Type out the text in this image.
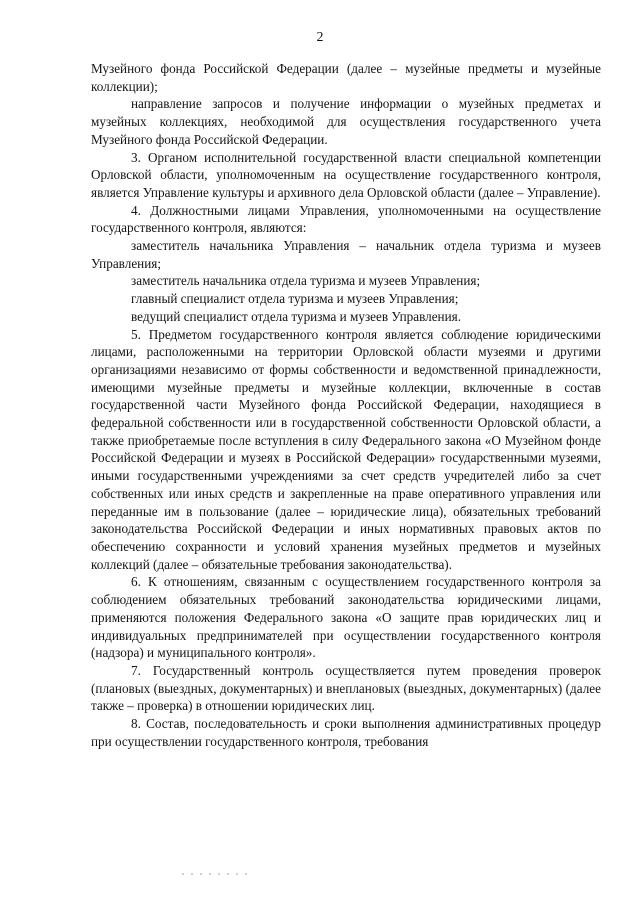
2

Музейного фонда Российской Федерации (далее – музейные предметы и музейные коллекции);

направление запросов и получение информации о музейных предметах и музейных коллекциях, необходимой для осуществления государственного учета Музейного фонда Российской Федерации.

3. Органом исполнительной государственной власти специальной компетенции Орловской области, уполномоченным на осуществление государственного контроля, является Управление культуры и архивного дела Орловской области (далее – Управление).

4. Должностными лицами Управления, уполномоченными на осуществление государственного контроля, являются:

заместитель начальника Управления – начальник отдела туризма и музеев Управления;

заместитель начальника отдела туризма и музеев Управления;

главный специалист отдела туризма и музеев Управления;

ведущий специалист отдела туризма и музеев Управления.

5. Предметом государственного контроля является соблюдение юридическими лицами, расположенными на территории Орловской области музеями и другими организациями независимо от формы собственности и ведомственной принадлежности, имеющими музейные предметы и музейные коллекции, включенные в состав государственной части Музейного фонда Российской Федерации, находящиеся в федеральной собственности или в государственной собственности Орловской области, а также приобретаемые после вступления в силу Федерального закона «О Музейном фонде Российской Федерации и музеях в Российской Федерации» государственными музеями, иными государственными учреждениями за счет средств учредителей либо за счет собственных или иных средств и закрепленные на праве оперативного управления или переданные им в пользование (далее – юридические лица), обязательных требований законодательства Российской Федерации и иных нормативных правовых актов по обеспечению сохранности и условий хранения музейных предметов и музейных коллекций (далее – обязательные требования законодательства).

6. К отношениям, связанным с осуществлением государственного контроля за соблюдением обязательных требований законодательства юридическими лицами, применяются положения Федерального закона «О защите прав юридических лиц и индивидуальных предпринимателей при осуществлении государственного контроля (надзора) и муниципального контроля».

7. Государственный контроль осуществляется путем проведения проверок (плановых (выездных, документарных) и внеплановых (выездных, документарных) (далее также – проверка) в отношении юридических лиц.

8. Состав, последовательность и сроки выполнения административных процедур при осуществлении государственного контроля, требования
